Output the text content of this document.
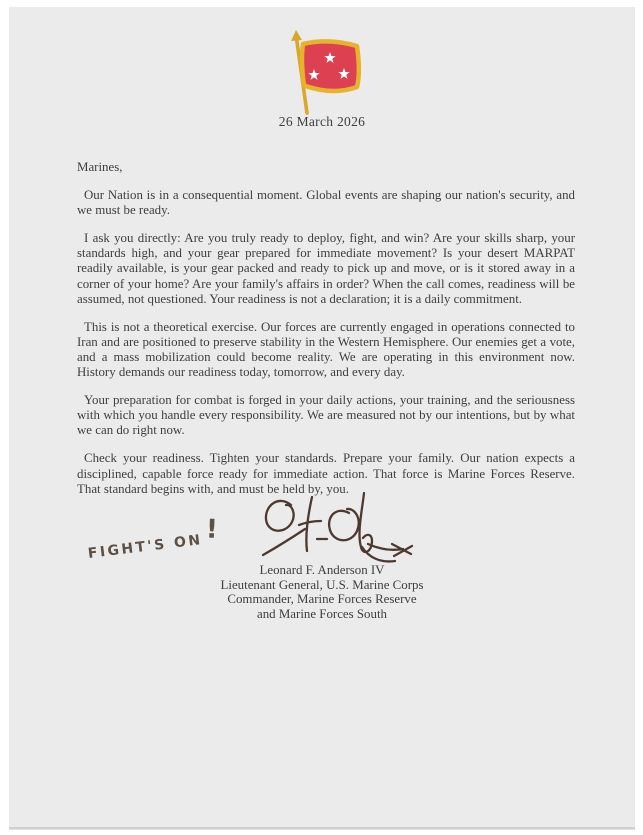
26 March 2026
Marines,

Our Nation is in a consequential moment. Global events are shaping our nation's security, and we must be ready.

I ask you directly: Are you truly ready to deploy, fight, and win? Are your skills sharp, your standards high, and your gear prepared for immediate movement? Is your desert MARPAT readily available, is your gear packed and ready to pick up and move, or is it stored away in a corner of your home? Are your family's affairs in order? When the call comes, readiness will be assumed, not questioned. Your readiness is not a declaration; it is a daily commitment.

This is not a theoretical exercise. Our forces are currently engaged in operations connected to Iran and are positioned to preserve stability in the Western Hemisphere. Our enemies get a vote, and a mass mobilization could become reality. We are operating in this environment now. History demands our readiness today, tomorrow, and every day.

Your preparation for combat is forged in your daily actions, your training, and the seriousness with which you handle every responsibility. We are measured not by our intentions, but by what we can do right now.

Check your readiness. Tighten your standards. Prepare your family. Our nation expects a disciplined, capable force ready for immediate action. That force is Marine Forces Reserve. That standard begins with, and must be held by, you.

FIGHT'S ON!
Leonard F. Anderson IV
Lieutenant General, U.S. Marine Corps
Commander, Marine Forces Reserve
and Marine Forces South
